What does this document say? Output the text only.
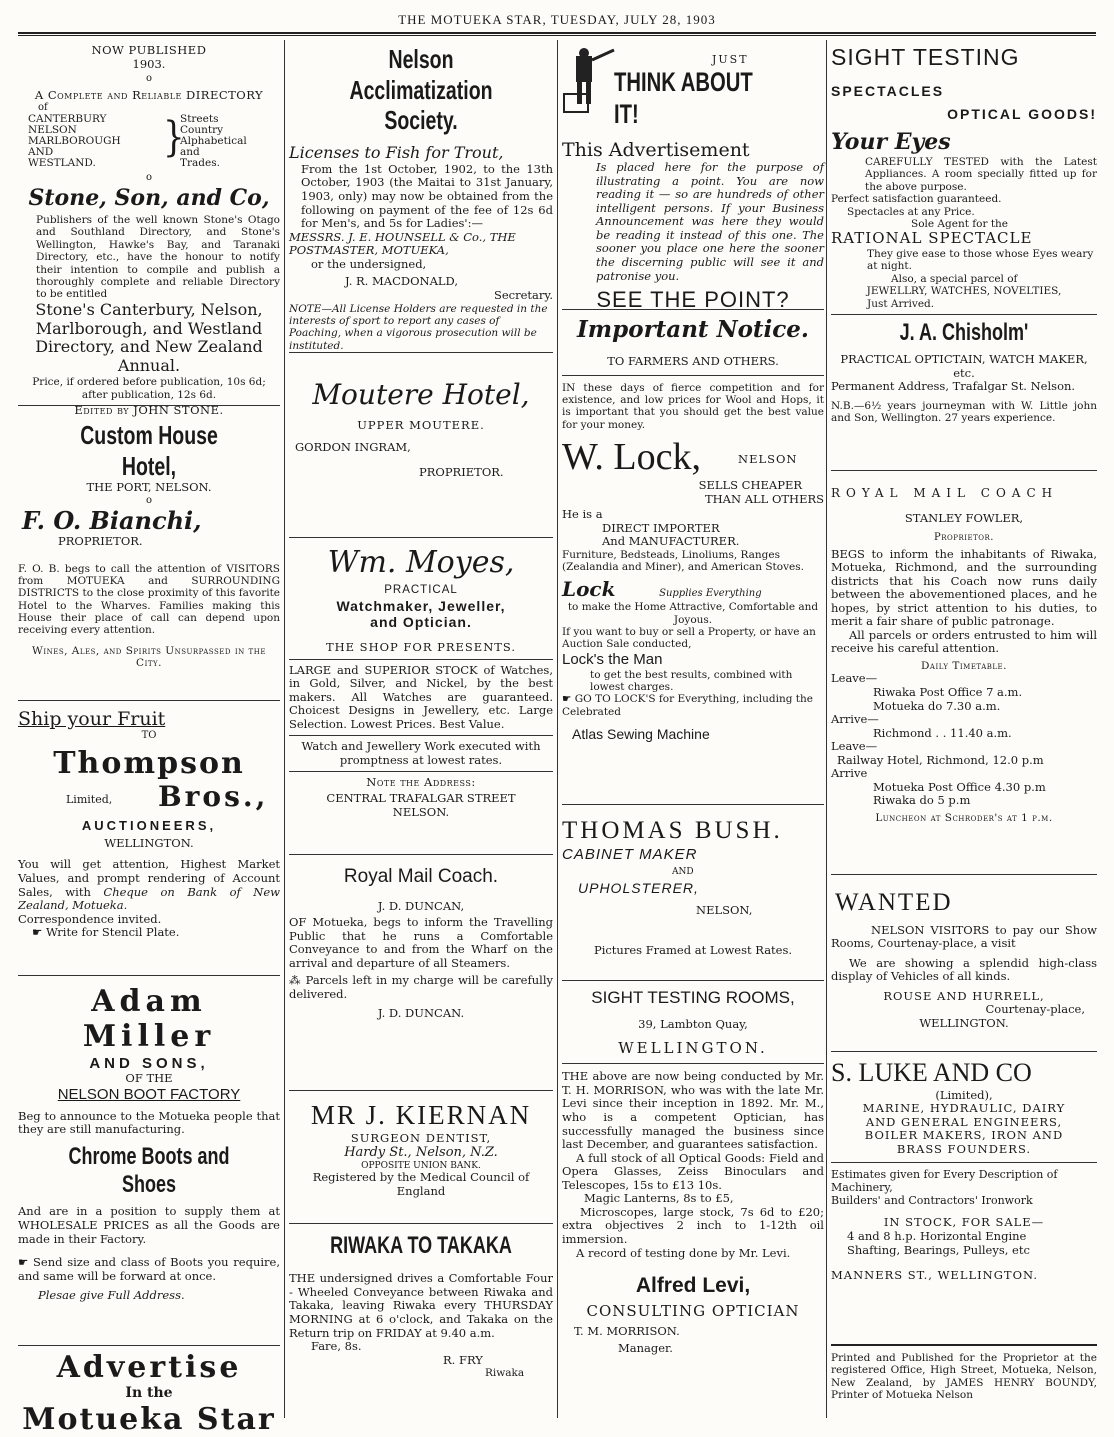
THE MOTUEKA STAR, TUESDAY, JULY 28, 1903

NOW PUBLISHED

1903.

o

A Complete and Reliable DIRECTORY

of

CANTERBURY
NELSON
MARLBOROUGH
AND
WESTLAND.
}
Streets
Country
Alphabetical
and
Trades.

o

Stone, Son, and Co,

Publishers of the well known Stone's Otago and Southland Directory, and Stone's Wellington, Hawke's Bay, and Taranaki Directory, etc., have the honour to notify their intention to compile and publish a thoroughly complete and reliable Directory to be entitled

Stone's Canterbury, Nelson, Marlborough, and Westland Directory, and New Zealand Annual.

Price, if ordered before publication, 10s 6d; after publication, 12s 6d.

Edited by JOHN STONE.

Custom House Hotel,

THE PORT, NELSON.

o

F. O. Bianchi,

PROPRIETOR.

F. O. B. begs to call the attention of VISITORS from MOTUEKA and SURROUNDING DISTRICTS to the close proximity of this favorite Hotel to the Wharves. Families making this House their place of call can depend upon receiving every attention.

Wines, Ales, and Spirits Unsurpassed in the City.

Ship your Fruit

TO

Thompson

Limited, Bros.,

AUCTIONEERS,

WELLINGTON.

You will get attention, Highest Market Values, and prompt rendering of Account Sales, with Cheque on Bank of New Zealand, Motueka.

Correspondence invited.

☛ Write for Stencil Plate.

Adam Miller

AND SONS,

OF THE

NELSON BOOT FACTORY

Beg to announce to the Motueka people that they are still manufacturing.

Chrome Boots and Shoes

And are in a position to supply them at WHOLESALE PRICES as all the Goods are made in their Factory.

☛ Send size and class of Boots you require, and same will be forward at once.

Plesae give Full Address.

Advertise

In the

Motueka Star

Nelson Acclimatization

Society.

Licenses to Fish for Trout,

From the 1st October, 1902, to the 13th October, 1903 (the Maitai to 31st January, 1903, only) may now be obtained from the following on payment of the fee of 12s 6d for Men's, and 5s for Ladies':—

MESSRS. J. E. HOUNSELL & Co., THE POSTMASTER, MOTUEKA,

or the undersigned,

J. R. MACDONALD,

Secretary.

NOTE—All License Holders are requested in the interests of sport to report any cases of Poaching, when a vigorous prosecution will be instituted.

Moutere Hotel,

UPPER MOUTERE.

GORDON INGRAM,

PROPRIETOR.

Wm. Moyes,

PRACTICAL

Watchmaker, Jeweller,

and Optician.

THE SHOP FOR PRESENTS.

LARGE and SUPERIOR STOCK of Watches, in Gold, Silver, and Nickel, by the best makers. All Watches are guaranteed. Choicest Designs in Jewellery, etc. Large Selection. Lowest Prices. Best Value.

Watch and Jewellery Work executed with promptness at lowest rates.

Note the Address:

CENTRAL TRAFALGAR STREET

NELSON.

Royal Mail Coach.

J. D. DUNCAN,

OF Motueka, begs to inform the Travelling Public that he runs a Comfortable Conveyance to and from the Wharf on the arrival and departure of all Steamers.

⁂ Parcels left in my charge will be carefully delivered.

J. D. DUNCAN.

MR J. KIERNAN

SURGEON DENTIST,

Hardy St., Nelson, N.Z.

OPPOSITE UNION BANK.

Registered by the Medical Council of England

RIWAKA TO TAKAKA

THE undersigned drives a Comfortable Four - Wheeled Conveyance between Riwaka and Takaka, leaving Riwaka every THURSDAY MORNING at 6 o'clock, and Takaka on the Return trip on FRIDAY at 9.40 a.m.

Fare, 8s.

R. FRY

Riwaka

JUST

THINK ABOUT IT!

This Advertisement

Is placed here for the purpose of illustrating a point. You are now reading it — so are hundreds of other intelligent persons. If your Business Announcement was here they would be reading it instead of this one. The sooner you place one here the sooner the discerning public will see it and patronise you.

SEE THE POINT?

Important Notice.

TO FARMERS AND OTHERS.

IN these days of fierce competition and for existence, and low prices for Wool and Hops, it is important that you should get the best value for your money.

W. Lock,	NELSON

SELLS CHEAPER

THAN ALL OTHERS

He is a

DIRECT IMPORTER

And MANUFACTURER.

Furniture, Bedsteads, Linoliums, Ranges (Zealandia and Miner), and American Stoves.

Lock	Supplies Everything

to make the Home Attractive, Comfortable and Joyous.

If you want to buy or sell a Property, or have an Auction Sale conducted,

Lock's the Man

to get the best results, combined with lowest charges.

☛ GO TO LOCK'S for Everything, including the Celebrated

Atlas Sewing Machine

THOMAS BUSH.

CABINET MAKER

AND

UPHOLSTERER,

NELSON,

Pictures Framed at Lowest Rates.

SIGHT TESTING ROOMS,

39, Lambton Quay,

WELLINGTON.

THE above are now being conducted by Mr. T. H. MORRISON, who was with the late Mr. Levi since their inception in 1892. Mr. M., who is a competent Optician, has successfully managed the business since last December, and guarantees satisfaction.

A full stock of all Optical Goods: Field and Opera Glasses, Zeiss Binoculars and Telescopes, 15s to £13 10s.

Magic Lanterns, 8s to £5,

Microscopes, large stock, 7s 6d to £20; extra objectives 2 inch to 1-12th oil immersion.

A record of testing done by Mr. Levi.

Alfred Levi,

CONSULTING OPTICIAN

T. M. MORRISON.

Manager.

SIGHT TESTING

SPECTACLES

OPTICAL GOODS!

Your Eyes

CAREFULLY TESTED with the Latest Appliances. A room specially fitted up for the above purpose.

Perfect satisfaction guaranteed.

Spectacles at any Price.

Sole Agent for the

RATIONAL SPECTACLE

They give ease to those whose Eyes weary at night.

Also, a special parcel of

JEWELLRY, WATCHES, NOVELTIES,

Just Arrived.

J. A. Chisholm'

PRACTICAL OPTICTAIN, WATCH MAKER, etc.

Permanent Address, Trafalgar St. Nelson.

N.B.—6½ years journeyman with W. Little john and Son, Wellington. 27 years experience.

ROYAL MAIL COACH

STANLEY FOWLER,

Proprietor.

BEGS to inform the inhabitants of Riwaka, Motueka, Richmond, and the surrounding districts that his Coach now runs daily between the abovementioned places, and he hopes, by strict attention to his duties, to merit a fair share of public patronage.

All parcels or orders entrusted to him will receive his careful attention.

Daily Timetable.

Leave—

Riwaka Post Office 7 a.m.

Motueka do 7.30 a.m.

Arrive—

Richmond . . 11.40 a.m.

Leave—

Railway Hotel, Richmond, 12.0 p.m

Arrive

Motueka Post Office 4.30 p.m

Riwaka do 5 p.m

Luncheon at Schroder's at 1 p.m.

WANTED

NELSON VISITORS to pay our Show Rooms, Courtenay-place, a visit

We are showing a splendid high-class display of Vehicles of all kinds.

ROUSE AND HURRELL,

Courtenay-place,

WELLINGTON.

S. LUKE AND CO

(Limited),

MARINE, HYDRAULIC, DAIRY

AND GENERAL ENGINEERS,

BOILER MAKERS, IRON AND

BRASS FOUNDERS.

Estimates given for Every Description of Machinery,

Builders' and Contractors' Ironwork

IN STOCK, FOR SALE—

4 and 8 h.p. Horizontal Engine

Shafting, Bearings, Pulleys, etc

MANNERS ST., WELLINGTON.

Printed and Published for the Proprietor at the registered Office, High Street, Motueka, Nelson, New Zealand, by JAMES HENRY BOUNDY, Printer of Motueka Nelson
